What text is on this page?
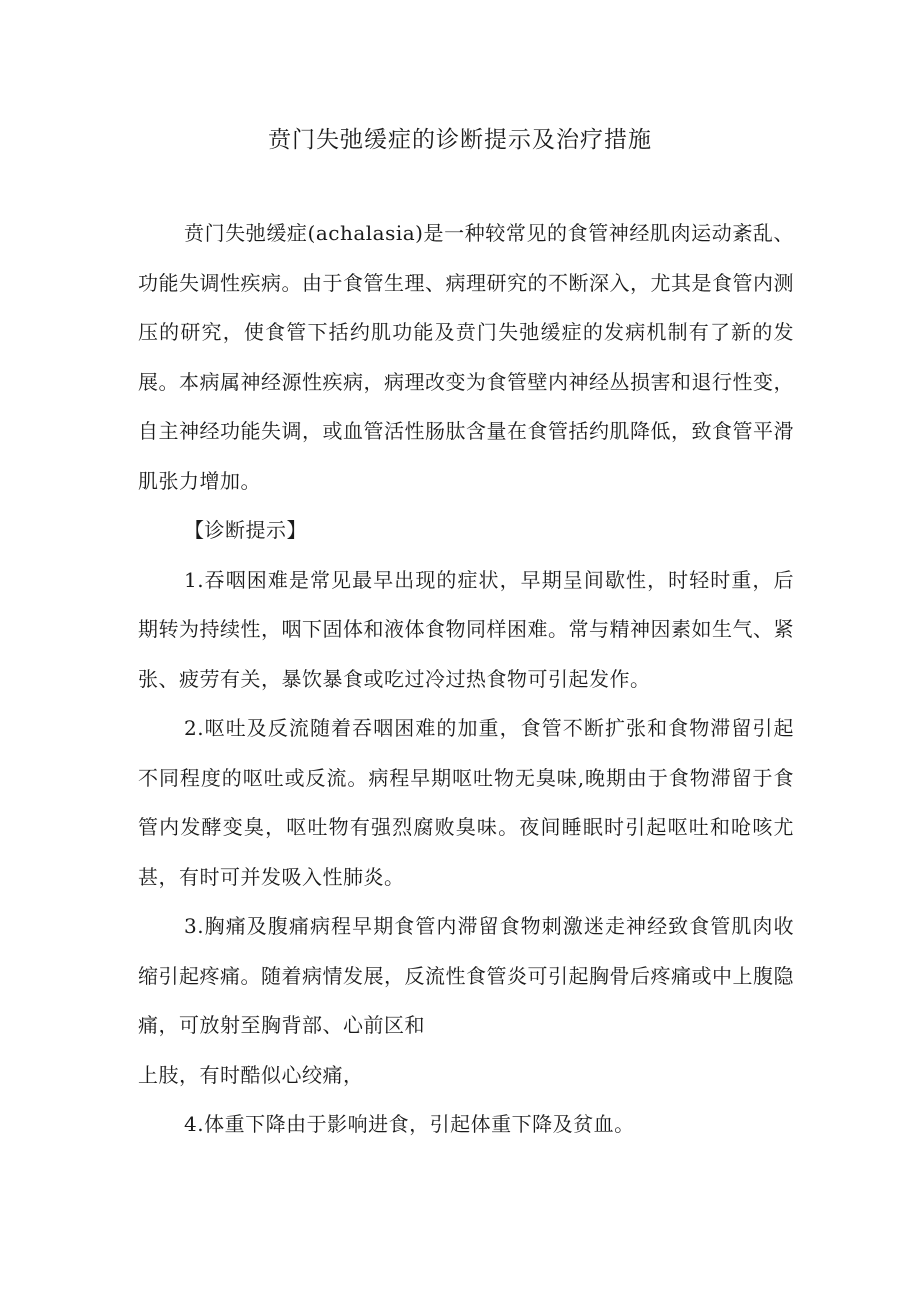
贲门失弛缓症的诊断提示及治疗措施

贲门失弛缓症(achalasia)是一种较常见的食管神经肌肉运动紊乱、功能失调性疾病。由于食管生理、病理研究的不断深入，尤其是食管内测压的研究，使食管下括约肌功能及贲门失弛缓症的发病机制有了新的发展。本病属神经源性疾病，病理改变为食管壁内神经丛损害和退行性变，自主神经功能失调，或血管活性肠肽含量在食管括约肌降低，致食管平滑肌张力增加。

【诊断提示】

1.吞咽困难是常见最早出现的症状，早期呈间歇性，时轻时重，后期转为持续性，咽下固体和液体食物同样困难。常与精神因素如生气、紧张、疲劳有关，暴饮暴食或吃过冷过热食物可引起发作。

2.呕吐及反流随着吞咽困难的加重，食管不断扩张和食物滞留引起不同程度的呕吐或反流。病程早期呕吐物无臭味,晚期由于食物滞留于食管内发酵变臭，呕吐物有强烈腐败臭味。夜间睡眠时引起呕吐和呛咳尤甚，有时可并发吸入性肺炎。

3.胸痛及腹痛病程早期食管内滞留食物刺激迷走神经致食管肌肉收缩引起疼痛。随着病情发展，反流性食管炎可引起胸骨后疼痛或中上腹隐痛，可放射至胸背部、心前区和

上肢，有时酷似心绞痛，

4.体重下降由于影响进食，引起体重下降及贫血。
